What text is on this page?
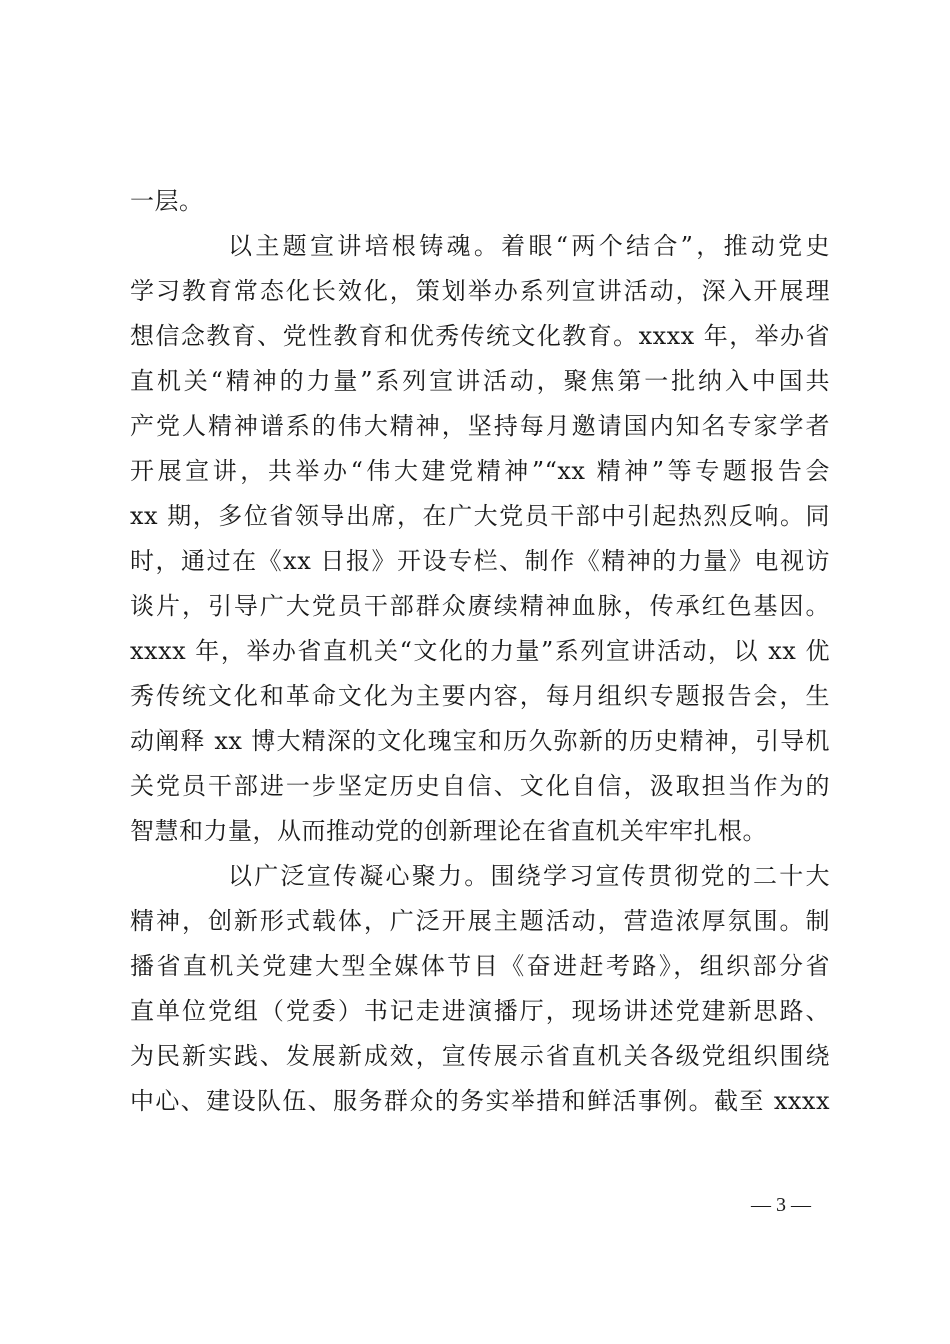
一层。
以主题宣讲培根铸魂。着眼“两个结合”，推动党史
学习教育常态化长效化，策划举办系列宣讲活动，深入开展理
想信念教育、党性教育和优秀传统文化教育。xxxx 年，举办省
直机关“精神的力量”系列宣讲活动，聚焦第一批纳入中国共
产党人精神谱系的伟大精神，坚持每月邀请国内知名专家学者
开展宣讲，共举办“伟大建党精神”“xx 精神”等专题报告会
xx 期，多位省领导出席，在广大党员干部中引起热烈反响。同
时，通过在《xx 日报》开设专栏、制作《精神的力量》电视访
谈片，引导广大党员干部群众赓续精神血脉，传承红色基因。
xxxx 年，举办省直机关“文化的力量”系列宣讲活动，以 xx 优
秀传统文化和革命文化为主要内容，每月组织专题报告会，生
动阐释 xx 博大精深的文化瑰宝和历久弥新的历史精神，引导机
关党员干部进一步坚定历史自信、文化自信，汲取担当作为的
智慧和力量，从而推动党的创新理论在省直机关牢牢扎根。
以广泛宣传凝心聚力。围绕学习宣传贯彻党的二十大
精神，创新形式载体，广泛开展主题活动，营造浓厚氛围。制
播省直机关党建大型全媒体节目《奋进赶考路》，组织部分省
直单位党组（党委）书记走进演播厅，现场讲述党建新思路、
为民新实践、发展新成效，宣传展示省直机关各级党组织围绕
中心、建设队伍、服务群众的务实举措和鲜活事例。截至 xxxx
— 3 —
